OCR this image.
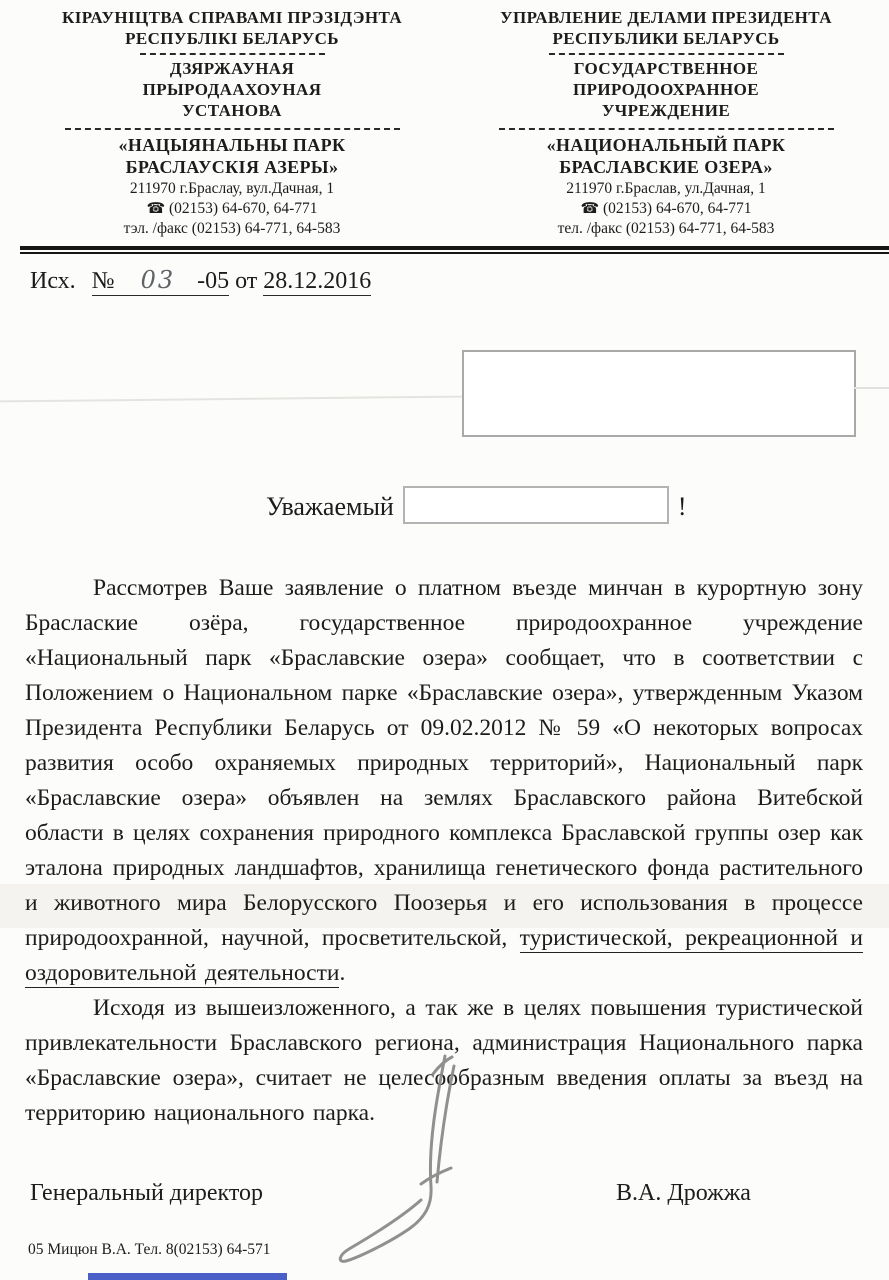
КІРАУНІЦТВА СПРАВАМІ ПРЭЗІДЭНТА
РЕСПУБЛІКІ БЕЛАРУСЬ
ДЗЯРЖАУНАЯ
ПРЫРОДААХОУНАЯ
УСТАНОВА
«НАЦЫЯНАЛЬНЫ ПАРК
БРАСЛАУСКІЯ АЗЕРЫ»
211970 г.Браслау, вул.Дачная, 1
☎ (02153) 64-670, 64-771
тэл. /факс (02153) 64-771, 64-583
УПРАВЛЕНИЕ ДЕЛАМИ ПРЕЗИДЕНТА
РЕСПУБЛИКИ БЕЛАРУСЬ
ГОСУДАРСТВЕННОЕ
ПРИРОДООХРАННОЕ
УЧРЕЖДЕНИЕ
«НАЦИОНАЛЬНЫЙ ПАРК
БРАСЛАВСКИЕ ОЗЕРА»
211970 г.Браслав, ул.Дачная, 1
☎ (02153) 64-670, 64-771
тел. /факс (02153) 64-771, 64-583
Исх. № 03 -05 от 28.12.2016
Уважаемый	!

Рассмотрев Ваше заявление о платном въезде минчан в курортную зону Браслаские озёра, государственное природоохранное учреждение «Национальный парк «Браславские озера» сообщает, что в соответствии с Положением о Национальном парке «Браславские озера», утвержденным Указом Президента Республики Беларусь от 09.02.2012 № 59 «О некоторых вопросах развития особо охраняемых природных территорий», Национальный парк «Браславские озера» объявлен на землях Браславского района Витебской области в целях сохранения природного комплекса Браславской группы озер как эталона природных ландшафтов, хранилища генетического фонда растительного и животного мира Белорусского Поозерья и его использования в процессе природоохранной, научной, просветительской, туристической, рекреационной и оздоровительной деятельности.

Исходя из вышеизложенного, а так же в целях повышения туристической привлекательности Браславского региона, администрация Национального парка «Браславские озера», считает не целесообразным введения оплаты за въезд на территорию национального парка.

Генеральный директор	В.А. Дрожжа
05 Мицюн В.А. Тел. 8(02153) 64-571
